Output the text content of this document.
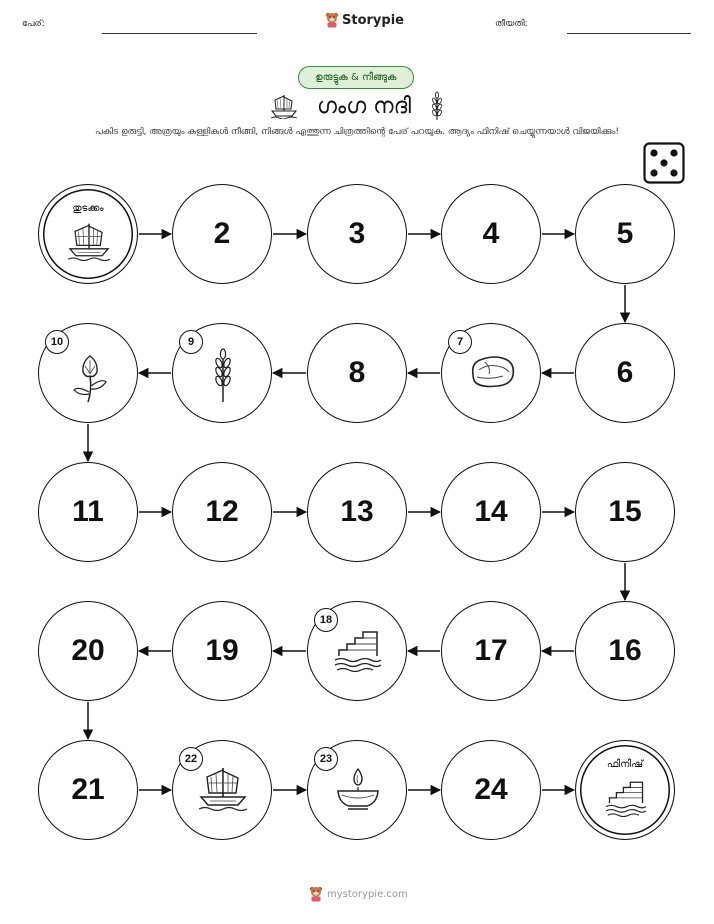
പേര്:	Storypie	തീയതി:
ഉരുട്ടുക & നീങ്ങുക
ഗംഗ നദി
പകിട ഉരുട്ടി, അത്രയും കള്ളികൾ നീങ്ങി, നിങ്ങൾ എത്തുന്ന ചിത്രത്തിന്റെ പേര് പറയുക. ആദ്യം ഫിനിഷ് ചെയ്യുന്നയാൾ വിജയിക്കും!
തുടക്കം
2	3	4	5
6
7
8
9
10
11	12	13	14	15
16
17
18
19
20
21
22	23
24
ഫിനിഷ്
mystorypie.com
